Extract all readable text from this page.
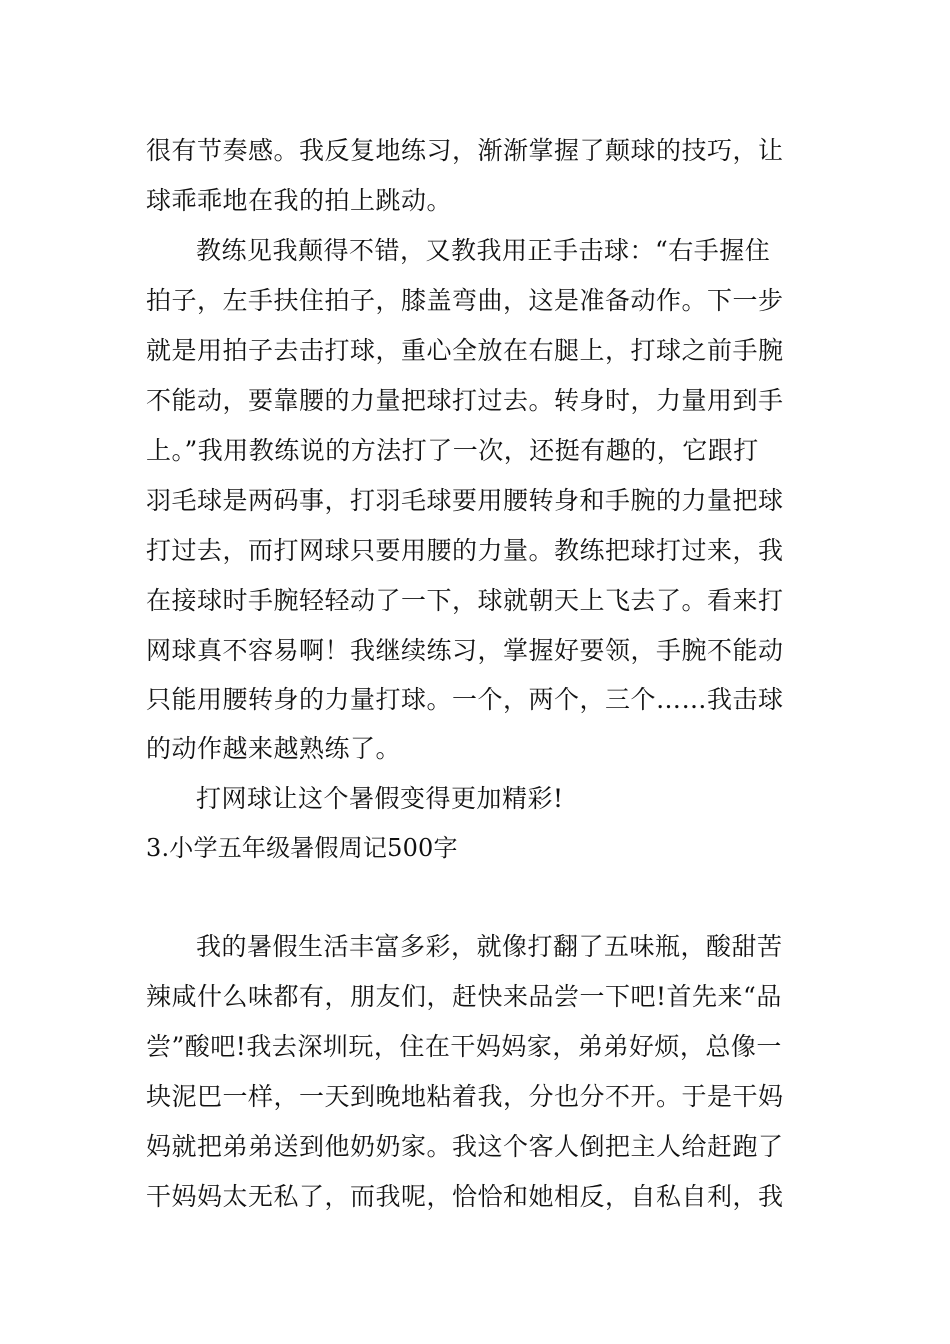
很有节奏感。我反复地练习，渐渐掌握了颠球的技巧，让
球乖乖地在我的拍上跳动。
教练见我颠得不错，又教我用正手击球：“右手握住
拍子，左手扶住拍子，膝盖弯曲，这是准备动作。下一步
就是用拍子去击打球，重心全放在右腿上，打球之前手腕
不能动，要靠腰的力量把球打过去。转身时，力量用到手
上。”我用教练说的方法打了一次，还挺有趣的，它跟打
羽毛球是两码事，打羽毛球要用腰转身和手腕的力量把球
打过去，而打网球只要用腰的力量。教练把球打过来，我
在接球时手腕轻轻动了一下，球就朝天上飞去了。看来打
网球真不容易啊！我继续练习，掌握好要领，手腕不能动
只能用腰转身的力量打球。一个，两个，三个……我击球
的动作越来越熟练了。
打网球让这个暑假变得更加精彩!
3.小学五年级暑假周记500字
我的暑假生活丰富多彩，就像打翻了五味瓶，酸甜苦
辣咸什么味都有，朋友们，赶快来品尝一下吧!首先来“品
尝”酸吧!我去深圳玩，住在干妈妈家，弟弟好烦，总像一
块泥巴一样，一天到晚地粘着我，分也分不开。于是干妈
妈就把弟弟送到他奶奶家。我这个客人倒把主人给赶跑了
干妈妈太无私了，而我呢，恰恰和她相反，自私自利，我
